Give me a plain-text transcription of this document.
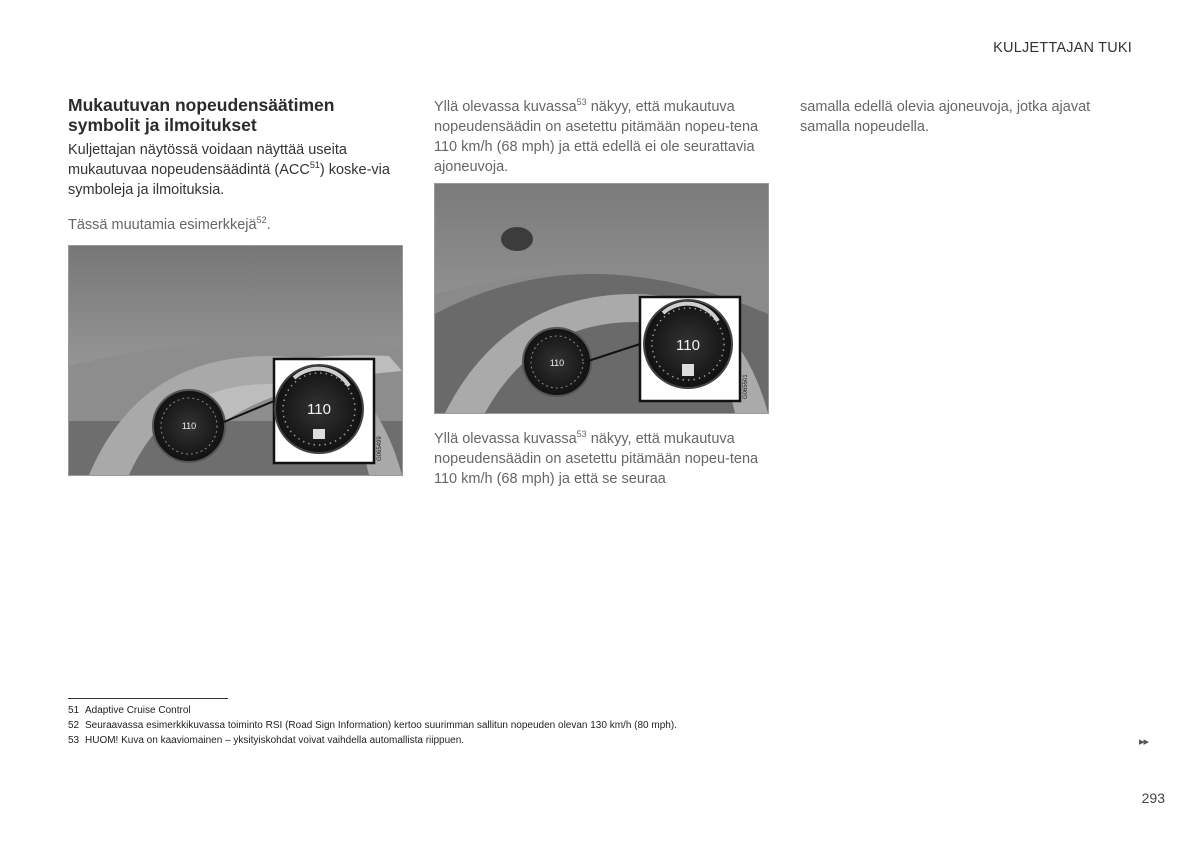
KULJETTAJAN TUKI
Mukautuvan nopeudensäätimen symbolit ja ilmoitukset
Kuljettajan näytössä voidaan näyttää useita mukautuvaa nopeudensäädintä (ACC$^{51}$) koske-via symboleja ja ilmoituksia.
Tässä muutamia esimerkkejä$^{52}$.
110
110
G065499
Yllä olevassa kuvassa$^{53}$ näkyy, että mukautuva nopeudensäädin on asetettu pitämään nopeu-tena 110 km/h (68 mph) ja että edellä ei ole seurattavia ajoneuvoja.
110
110
G065501
Yllä olevassa kuvassa$^{53}$ näkyy, että mukautuva nopeudensäädin on asetettu pitämään nopeu-tena 110 km/h (68 mph) ja että se seuraa
samalla edellä olevia ajoneuvoja, jotka ajavat samalla nopeudella.
51 Adaptive Cruise Control
52 Seuraavassa esimerkkikuvassa toiminto RSI (Road Sign Information) kertoo suurimman sallitun nopeuden olevan 130 km/h (80 mph).
53 HUOM! Kuva on kaaviomainen – yksityiskohdat voivat vaihdella automallista riippuen.	▸▸
293
